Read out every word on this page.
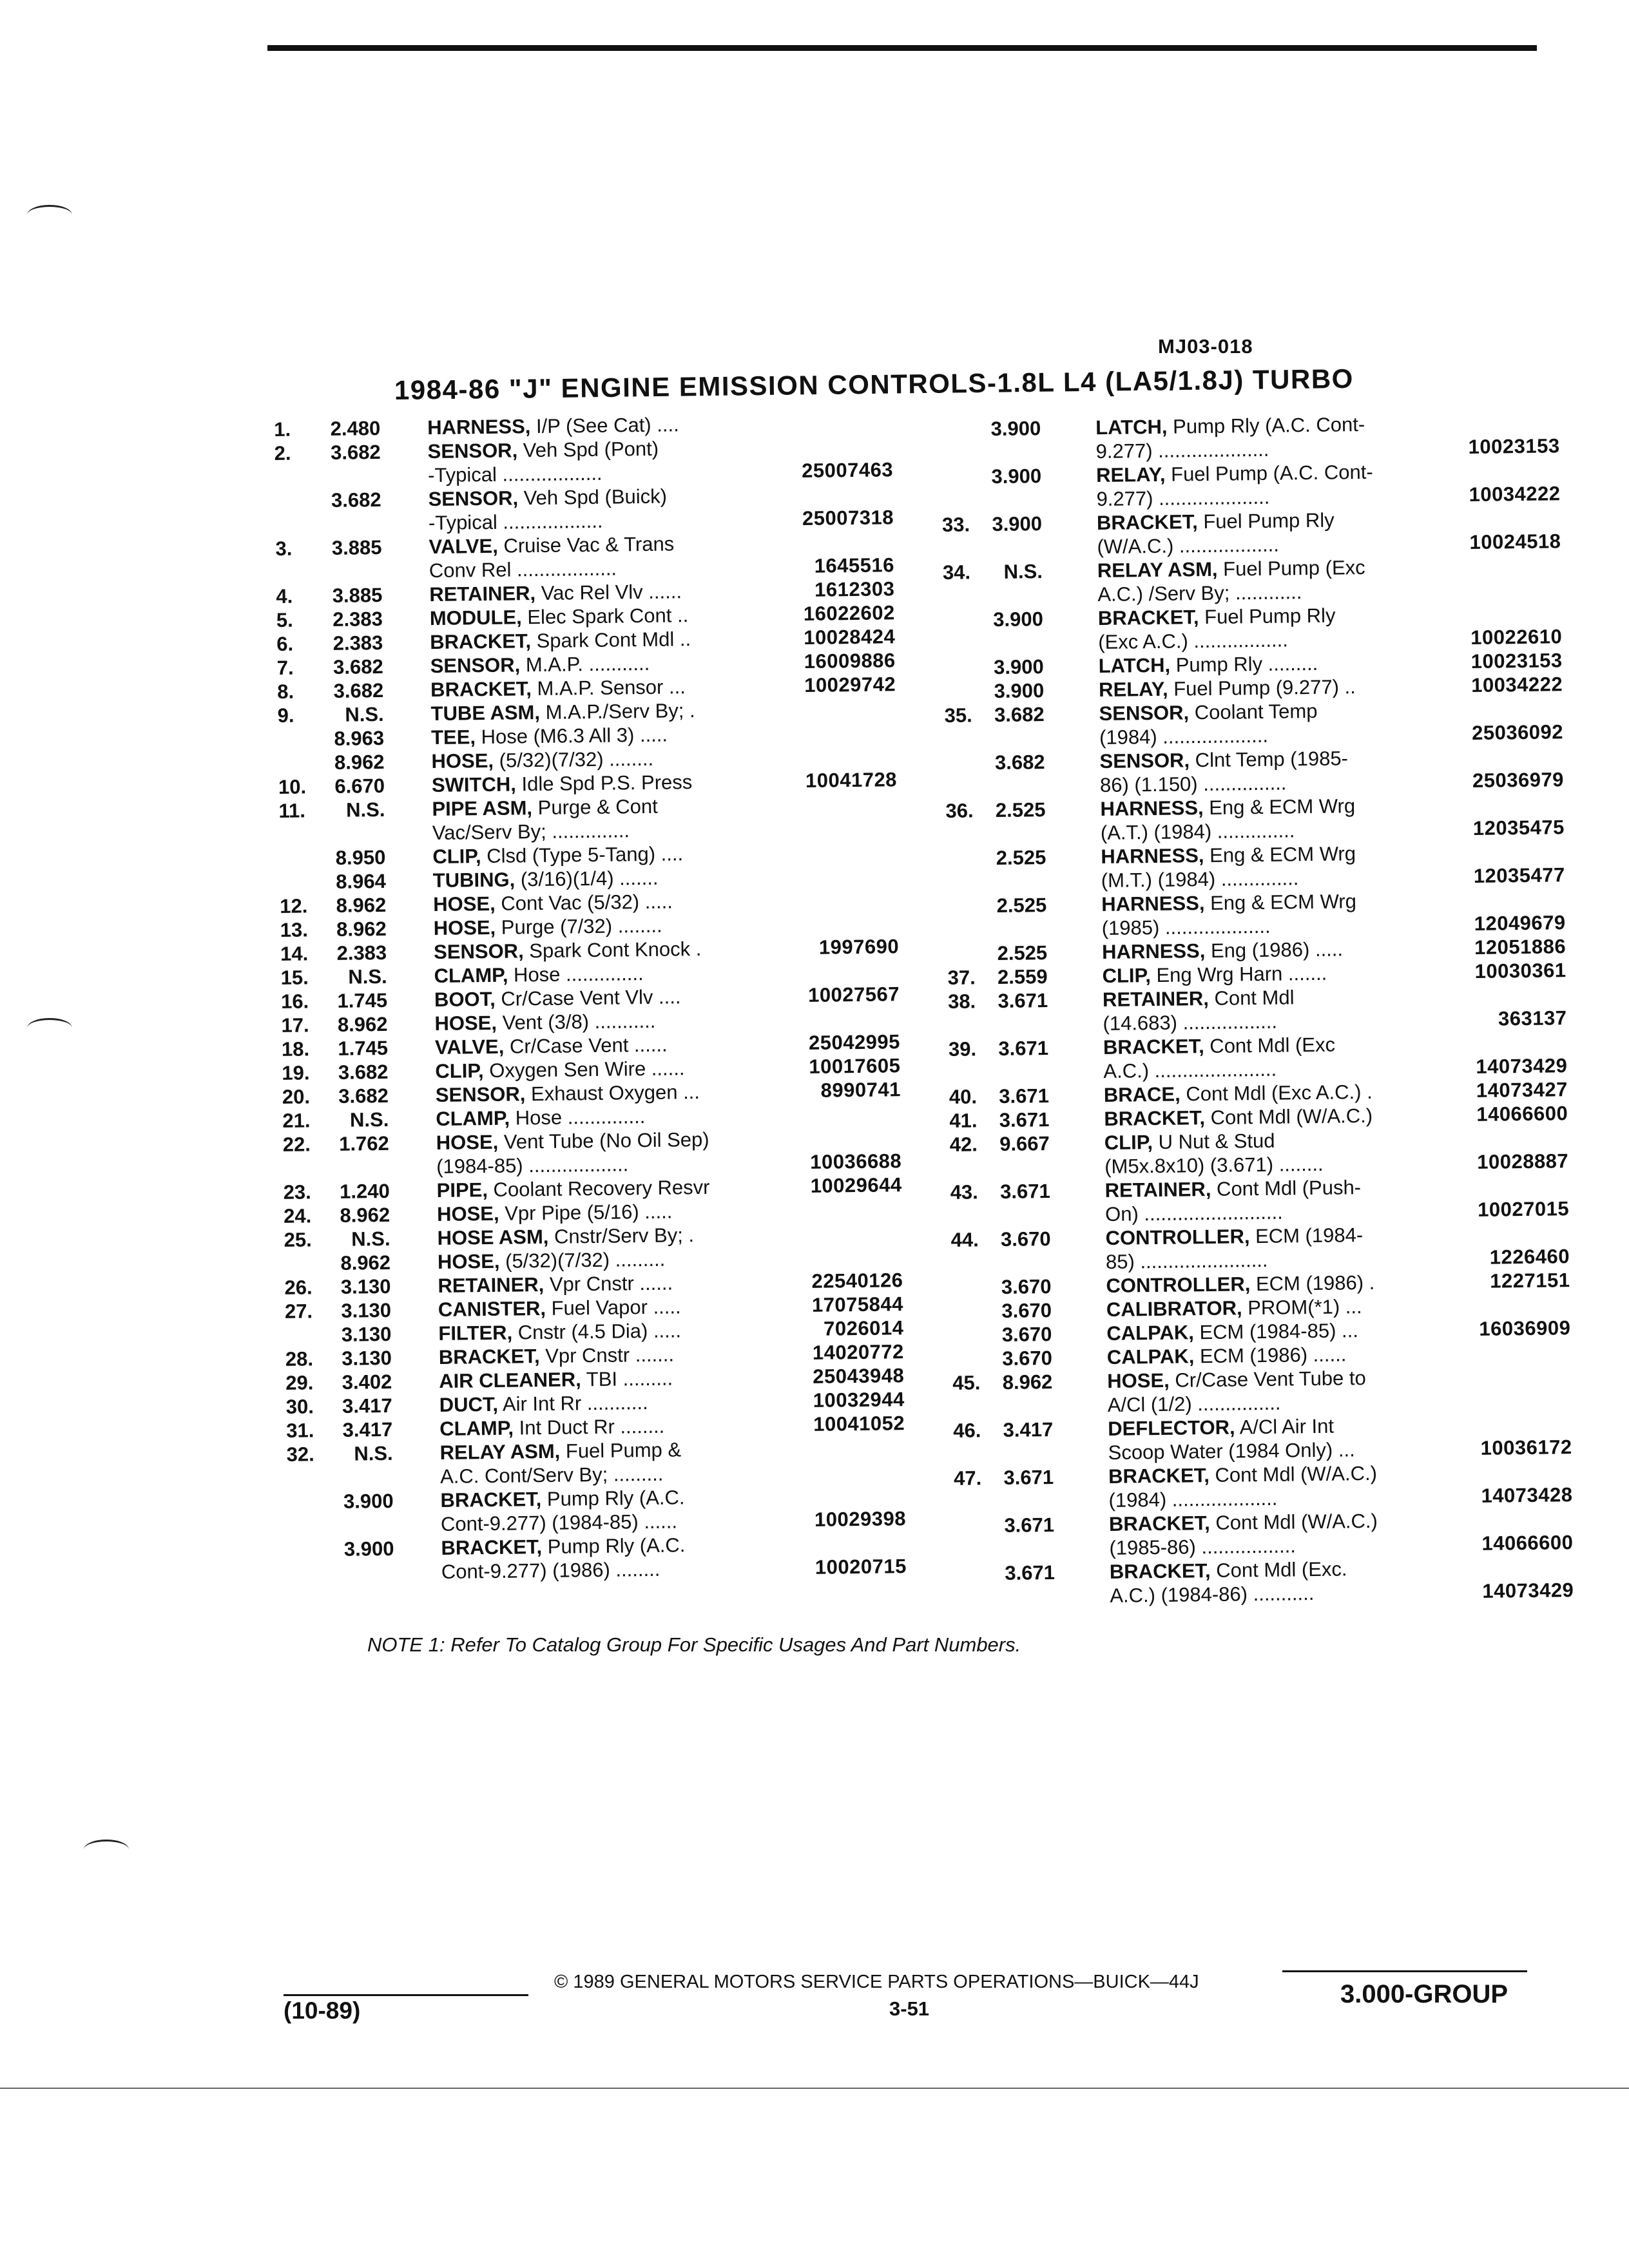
MJ03-018
1984-86 "J" ENGINE EMISSION CONTROLS-1.8L L4 (LA5/1.8J) TURBO
1.	2.480 HARNESS, I/P (See Cat) ....
2.	3.682 SENSOR, Veh Spd (Pont)
-Typical ..................	25007463
3.682 SENSOR, Veh Spd (Buick)
-Typical ..................	25007318
3.	3.885 VALVE, Cruise Vac & Trans
Conv Rel ..................	1645516
4.	3.885 RETAINER, Vac Rel Vlv ......	1612303
5.	2.383 MODULE, Elec Spark Cont ..	16022602
6.	2.383 BRACKET, Spark Cont Mdl ..	10028424
7.	3.682 SENSOR, M.A.P. ...........	16009886
8.	3.682 BRACKET, M.A.P. Sensor ...	10029742
9.	N.S. TUBE ASM, M.A.P./Serv By; .
8.963 TEE, Hose (M6.3 All 3) .....
8.962 HOSE, (5/32)(7/32) ........
10.	6.670 SWITCH, Idle Spd P.S. Press	10041728
11.	N.S. PIPE ASM, Purge & Cont
Vac/Serv By; ..............
8.950 CLIP, Clsd (Type 5-Tang) ....
8.964 TUBING, (3/16)(1/4) .......
12.	8.962 HOSE, Cont Vac (5/32) .....
13.	8.962 HOSE, Purge (7/32) ........
14.	2.383 SENSOR, Spark Cont Knock .	1997690
15.	N.S. CLAMP, Hose ..............
16.	1.745 BOOT, Cr/Case Vent Vlv ....	10027567
17.	8.962 HOSE, Vent (3/8) ...........
18.	1.745 VALVE, Cr/Case Vent ......	25042995
19.	3.682 CLIP, Oxygen Sen Wire ......	10017605
20.	3.682 SENSOR, Exhaust Oxygen ...	8990741
21.	N.S. CLAMP, Hose ..............
22.	1.762 HOSE, Vent Tube (No Oil Sep)
(1984-85) ..................	10036688
23.	1.240 PIPE, Coolant Recovery Resvr	10029644
24.	8.962 HOSE, Vpr Pipe (5/16) .....
25.	N.S. HOSE ASM, Cnstr/Serv By; .
8.962 HOSE, (5/32)(7/32) .........
26.	3.130 RETAINER, Vpr Cnstr ......	22540126
27.	3.130 CANISTER, Fuel Vapor .....	17075844
3.130 FILTER, Cnstr (4.5 Dia) .....	7026014
28.	3.130 BRACKET, Vpr Cnstr .......	14020772
29.	3.402 AIR CLEANER, TBI .........	25043948
30.	3.417 DUCT, Air Int Rr ...........	10032944
31.	3.417 CLAMP, Int Duct Rr ........	10041052
32.	N.S. RELAY ASM, Fuel Pump &
A.C. Cont/Serv By; .........
3.900 BRACKET, Pump Rly (A.C.
Cont-9.277) (1984-85) ......	10029398
3.900 BRACKET, Pump Rly (A.C.
Cont-9.277) (1986) ........	10020715
3.900	LATCH, Pump Rly (A.C. Cont-
9.277) ....................	10023153
3.900	RELAY, Fuel Pump (A.C. Cont-
9.277) ....................	10034222
33.	3.900	BRACKET, Fuel Pump Rly
(W/A.C.) ..................	10024518
34.	N.S.	RELAY ASM, Fuel Pump (Exc
A.C.) /Serv By; ............
3.900	BRACKET, Fuel Pump Rly
(Exc A.C.) .................	10022610
3.900	LATCH, Pump Rly .........	10023153
3.900	RELAY, Fuel Pump (9.277) ..	10034222
35.	3.682	SENSOR, Coolant Temp
(1984) ...................	25036092
3.682	SENSOR, Clnt Temp (1985-
86) (1.150) ...............	25036979
36.	2.525	HARNESS, Eng & ECM Wrg
(A.T.) (1984) ..............	12035475
2.525	HARNESS, Eng & ECM Wrg
(M.T.) (1984) ..............	12035477
2.525	HARNESS, Eng & ECM Wrg
(1985) ...................	12049679
2.525	HARNESS, Eng (1986) .....	12051886
37.	2.559	CLIP, Eng Wrg Harn .......	10030361
38.	3.671	RETAINER, Cont Mdl
(14.683) .................	363137
39.	3.671	BRACKET, Cont Mdl (Exc
A.C.) ......................	14073429
40.	3.671	BRACE, Cont Mdl (Exc A.C.) .	14073427
41.	3.671	BRACKET, Cont Mdl (W/A.C.)	14066600
42.	9.667	CLIP, U Nut & Stud
(M5x.8x10) (3.671) ........	10028887
43.	3.671	RETAINER, Cont Mdl (Push-
On) .........................	10027015
44.	3.670	CONTROLLER, ECM (1984-
85) .......................	1226460
3.670	CONTROLLER, ECM (1986) .	1227151
3.670	CALIBRATOR, PROM(*1) ...
3.670	CALPAK, ECM (1984-85) ...	16036909
3.670	CALPAK, ECM (1986) ......
45.	8.962	HOSE, Cr/Case Vent Tube to
A/Cl (1/2) ...............
46.	3.417	DEFLECTOR, A/Cl Air Int
Scoop Water (1984 Only) ...	10036172
47.	3.671	BRACKET, Cont Mdl (W/A.C.)
(1984) ...................	14073428
3.671	BRACKET, Cont Mdl (W/A.C.)
(1985-86) .................	14066600
3.671	BRACKET, Cont Mdl (Exc.
A.C.) (1984-86) ...........	14073429
NOTE 1: Refer To Catalog Group For Specific Usages And Part Numbers.
© 1989 GENERAL MOTORS SERVICE PARTS OPERATIONS—BUICK—44J
(10-89)	3-51
3.000-GROUP
